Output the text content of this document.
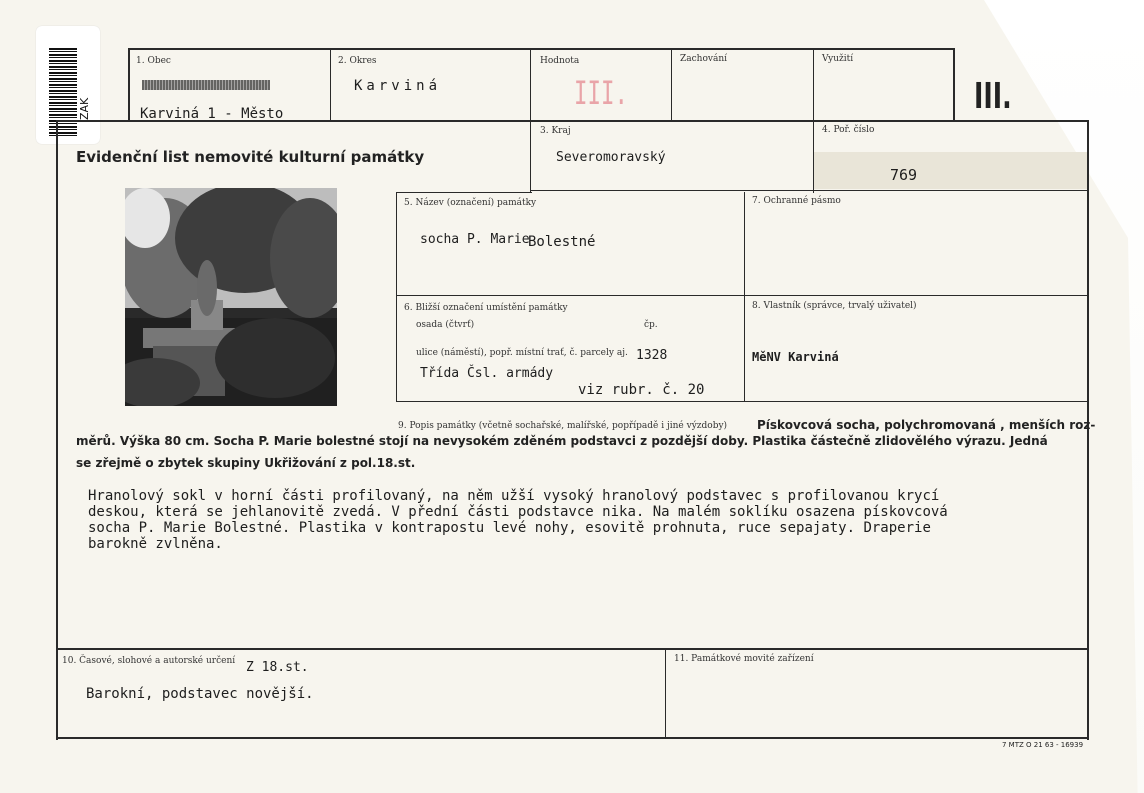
ZAK
1. Obec
Karviná 1 - Město
2. Okres
Karviná
Hodnota
III.
Zachování	Využití
III.
Evidenční list nemovité kulturní památky
3. Kraj
Severomoravský
4. Poř. číslo
769
5. Název (označení) památky
socha P. Marie
Bolestné
7. Ochranné pásmo
6. Bližší označení umístění památky
osada (čtvrť)	čp.
ulice (náměstí), popř. místní trať, č. parcely aj. 1328
Třída Čsl. armády
viz rubr. č. 20
8. Vlastník (správce, trvalý uživatel)
MěNV Karviná
9. Popis památky (včetně sochařské, malířské, popřípadě i jiné výzdoby) Pískovcová socha, polychromovaná , menších roz-
měrů. Výška 80 cm. Socha P. Marie bolestné stojí na nevysokém zděném podstavci z pozdější doby. Plastika částečně zlidovělého výrazu. Jedná
se zřejmě o zbytek skupiny Ukřižování z pol.18.st.
Hranolový sokl v horní části profilovaný, na něm užší vysoký hranolový podstavec s profilovanou krycí
deskou, která se jehlanovitě zvedá. V přední části podstavce nika. Na malém soklíku osazena pískovcová
socha P. Marie Bolestné. Plastika v kontrapostu levé nohy, esovitě prohnuta, ruce sepajaty. Draperie
barokně zvlněna.
10. Časové, slohové a autorské určení Z 18.st.
Barokní, podstavec novější.
11. Památkové movité zařízení
7 MTZ O 21 63 - 16939
